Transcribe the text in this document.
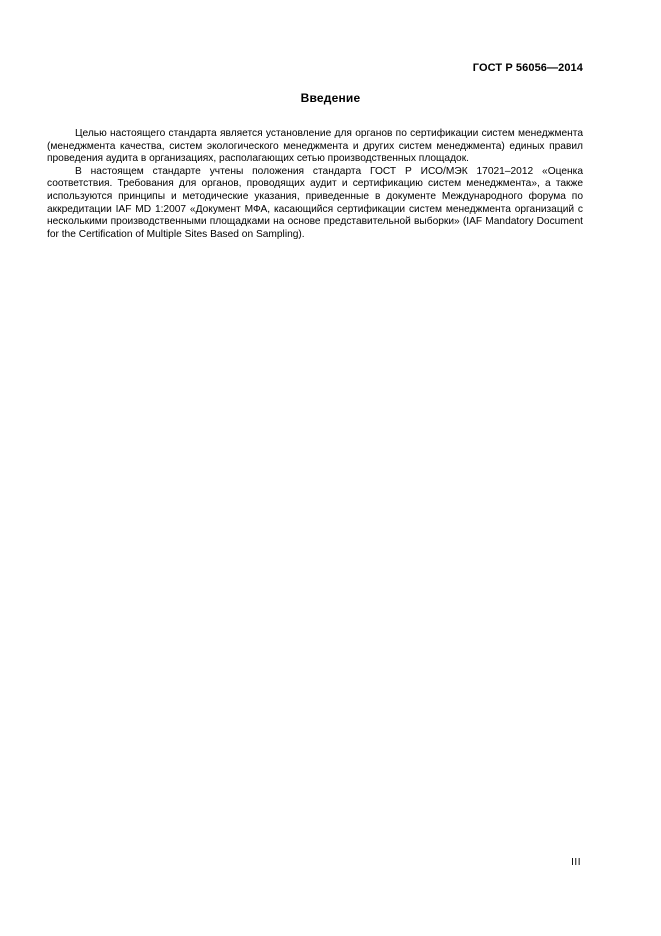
ГОСТ Р 56056—2014
Введение

Целью настоящего стандарта является установление для органов по сертификации систем менеджмента (менеджмента качества, систем экологического менеджмента и других систем менеджмента) единых правил проведения аудита в организациях, располагающих сетью производственных площадок.

В настоящем стандарте учтены положения стандарта ГОСТ Р ИСО/МЭК 17021–2012 «Оценка соответствия. Требования для органов, проводящих аудит и сертификацию систем менеджмента», а также используются принципы и методические указания, приведенные в документе Международного форума по аккредитации IAF MD 1:2007 «Документ МФА, касающийся сертификации систем менеджмента организаций с несколькими производственными площадками на основе представительной выборки» (IAF Mandatory Document for the Certification of Multiple Sites Based on Sampling).

III
